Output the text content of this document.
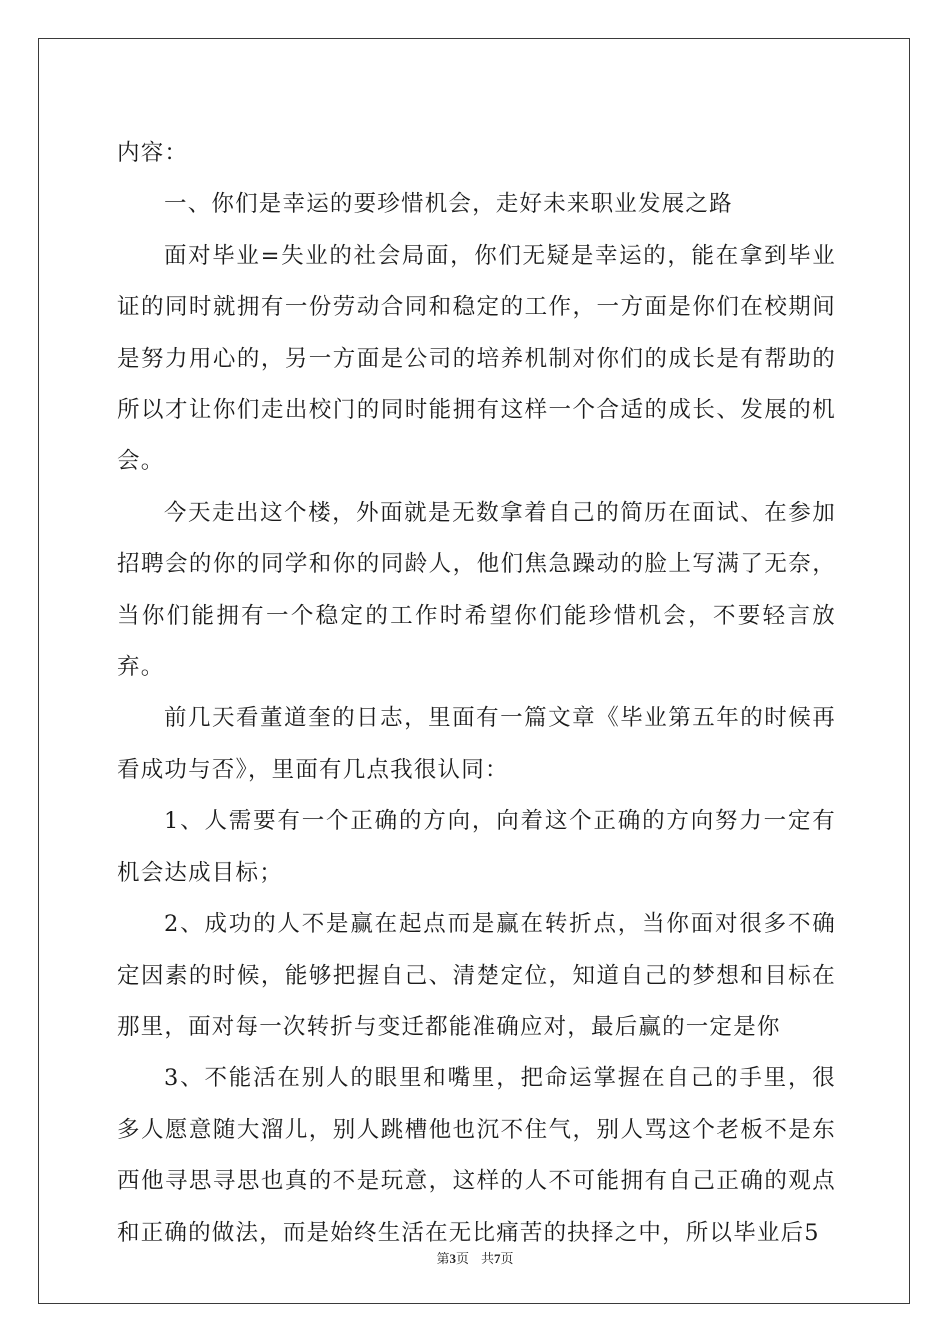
内容：

一、你们是幸运的要珍惜机会，走好未来职业发展之路

面对毕业=失业的社会局面，你们无疑是幸运的，能在拿到毕业证的同时就拥有一份劳动合同和稳定的工作，一方面是你们在校期间是努力用心的，另一方面是公司的培养机制对你们的成长是有帮助的所以才让你们走出校门的同时能拥有这样一个合适的成长、发展的机会。

今天走出这个楼，外面就是无数拿着自己的简历在面试、在参加招聘会的你的同学和你的同龄人，他们焦急躁动的脸上写满了无奈，当你们能拥有一个稳定的工作时希望你们能珍惜机会，不要轻言放弃。

前几天看董道奎的日志，里面有一篇文章《毕业第五年的时候再看成功与否》，里面有几点我很认同：

1、人需要有一个正确的方向，向着这个正确的方向努力一定有机会达成目标；

2、成功的人不是赢在起点而是赢在转折点，当你面对很多不确定因素的时候，能够把握自己、清楚定位，知道自己的梦想和目标在那里，面对每一次转折与变迁都能准确应对，最后赢的一定是你

3、不能活在别人的眼里和嘴里，把命运掌握在自己的手里，很多人愿意随大溜儿，别人跳槽他也沉不住气，别人骂这个老板不是东西他寻思寻思也真的不是玩意，这样的人不可能拥有自己正确的观点和正确的做法，而是始终生活在无比痛苦的抉择之中，所以毕业后5

第3页 共7页
